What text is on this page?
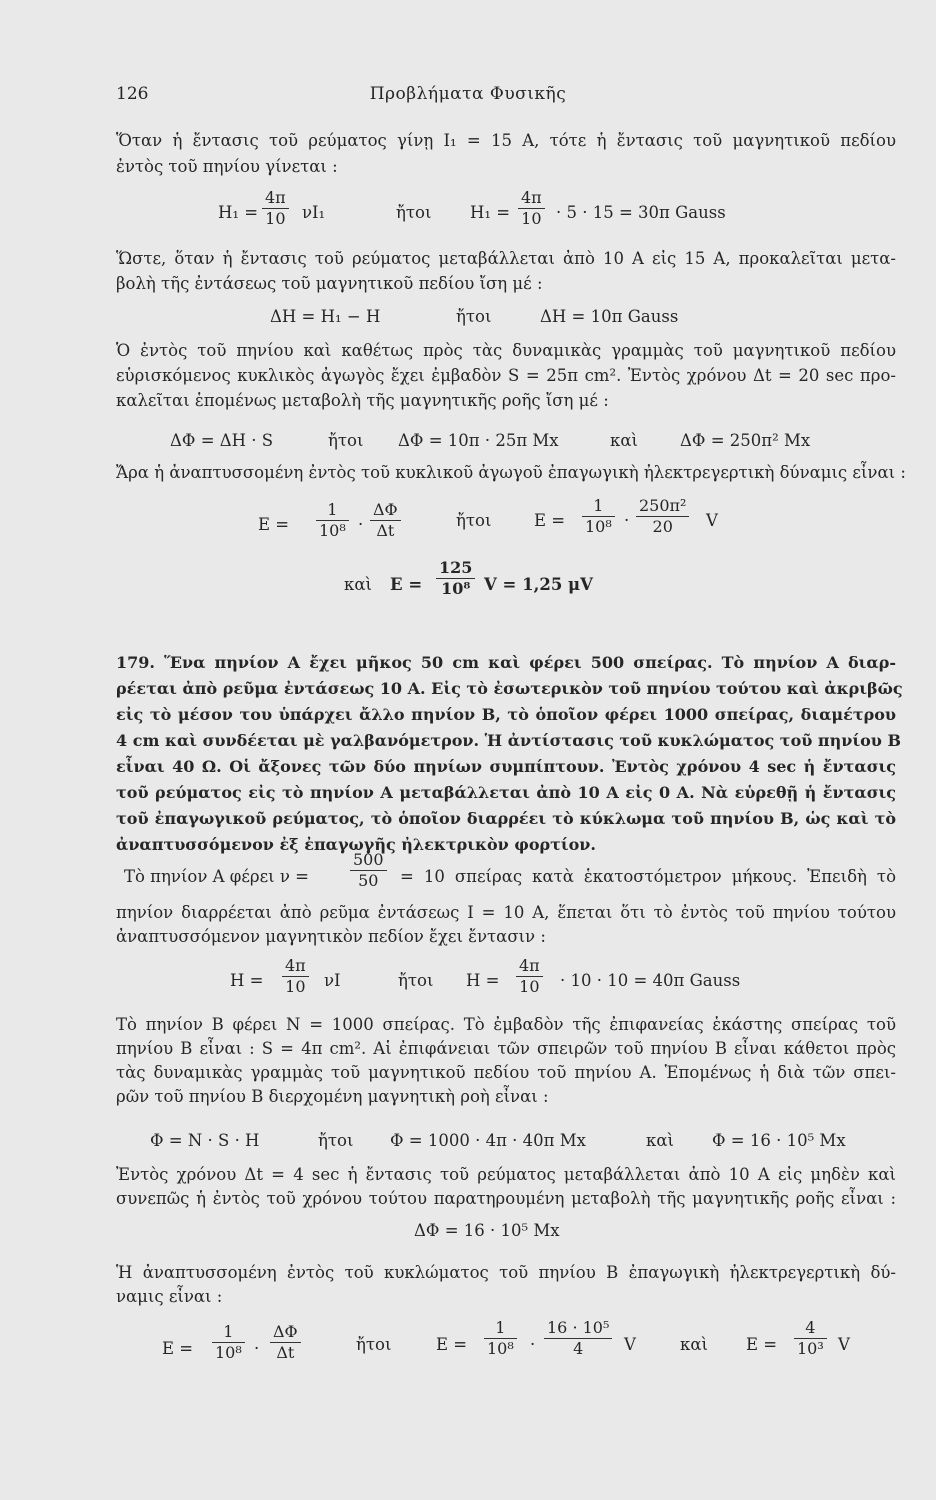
126	Προβλήματα Φυσικῆς
Ὅταν ἡ ἔντασις τοῦ ρεύματος γίνῃ I₁ = 15 A, τότε ἡ ἔντασις τοῦ μαγνητικοῦ πεδίου
ἐντὸς τοῦ πηνίου γίνεται :
$H_1 = \frac{4\pi}{10} \nu I_1$	ἤτοι $H_1 = \frac{4\pi}{10} \cdot 5 \cdot 15 = 30\pi$ Gauss
Ὥστε, ὅταν ἡ ἔντασις τοῦ ρεύματος μεταβάλλεται ἀπὸ 10 A εἰς 15 A, προκαλεῖται μετα-
βολὴ τῆς ἐντάσεως τοῦ μαγνητικοῦ πεδίου ἴση μέ :
ΔH = H₁ − H	ἤτοι	ΔH = 10π Gauss
Ὁ ἐντὸς τοῦ πηνίου καὶ καθέτως πρὸς τὰς δυναμικὰς γραμμὰς τοῦ μαγνητικοῦ πεδίου
εὑρισκόμενος κυκλικὸς ἀγωγὸς ἔχει ἐμβαδὸν S = 25π cm². Ἐντὸς χρόνου Δt = 20 sec προ-
καλεῖται ἑπομένως μεταβολὴ τῆς μαγνητικῆς ροῆς ἴση μέ :
ΔΦ = ΔH · S	ἤτοι ΔΦ = 10π · 25π Mx	καὶ	ΔΦ = 250π² Mx
Ἄρα ἡ ἀναπτυσσομένη ἐντὸς τοῦ κυκλικοῦ ἀγωγοῦ ἐπαγωγικὴ ἠλεκτρεγερτικὴ δύναμις εἶναι :
$E = \frac{1}{\text{10⁸}} \cdot \frac{\Delta\Phi}{\Delta t}$	ἤτοι	$E = \frac{1}{\text{10⁸}} \cdot \frac{\text{250π²}}{20}$ V
καὶ $E = \frac{125}{\text{10⁸}}$ V = 1,25 μV
179. Ἕνα πηνίον A ἔχει μῆκος 50 cm καὶ φέρει 500 σπείρας. Τὸ πηνίον A διαρ-
ρέεται ἀπὸ ρεῦμα ἐντάσεως 10 A. Εἰς τὸ ἐσωτερικὸν τοῦ πηνίου τούτου καὶ ἀκριβῶς
εἰς τὸ μέσον του ὑπάρχει ἄλλο πηνίον B, τὸ ὁποῖον φέρει 1000 σπείρας, διαμέτρου
4 cm καὶ συνδέεται μὲ γαλβανόμετρον. Ἡ ἀντίστασις τοῦ κυκλώματος τοῦ πηνίου B
εἶναι 40 Ω. Οἱ ἄξονες τῶν δύο πηνίων συμπίπτουν. Ἐντὸς χρόνου 4 sec ἡ ἔντασις
τοῦ ρεύματος εἰς τὸ πηνίον A μεταβάλλεται ἀπὸ 10 A εἰς 0 A. Νὰ εὑρεθῇ ἡ ἔντασις
τοῦ ἐπαγωγικοῦ ρεύματος, τὸ ὁποῖον διαρρέει τὸ κύκλωμα τοῦ πηνίου B, ὡς καὶ τὸ
ἀναπτυσσόμενον ἐξ ἐπαγωγῆς ἠλεκτρικὸν φορτίον.
Τὸ πηνίον A φέρει ν =	$\frac{500}{50} = 10$ σπείρας κατὰ ἑκατοστόμετρον μήκους. Ἐπειδὴ τὸ
πηνίον διαρρέεται ἀπὸ ρεῦμα ἐντάσεως I = 10 A, ἕπεται ὅτι τὸ ἐντὸς τοῦ πηνίου τούτου
ἀναπτυσσόμενον μαγνητικὸν πεδίον ἔχει ἔντασιν :
$H = \frac{4\pi}{10}$ νI	ἤτοι $H = \frac{4\pi}{10} \cdot 10 \cdot 10 = 40\pi$ Gauss
Τὸ πηνίον B φέρει N = 1000 σπείρας. Τὸ ἐμβαδὸν τῆς ἐπιφανείας ἑκάστης σπείρας τοῦ
πηνίου B εἶναι : S = 4π cm². Αἱ ἐπιφάνειαι τῶν σπειρῶν τοῦ πηνίου B εἶναι κάθετοι πρὸς
τὰς δυναμικὰς γραμμὰς τοῦ μαγνητικοῦ πεδίου τοῦ πηνίου A. Ἑπομένως ἡ διὰ τῶν σπει-
ρῶν τοῦ πηνίου B διερχομένη μαγνητικὴ ροὴ εἶναι :
Φ = N · S · H	ἤτοι Φ = 1000 · 4π · 40π Mx	καὶ Φ = 16 · 10⁵ Mx
Ἐντὸς χρόνου Δt = 4 sec ἡ ἔντασις τοῦ ρεύματος μεταβάλλεται ἀπὸ 10 A εἰς μηδὲν καὶ
συνεπῶς ἡ ἐντὸς τοῦ χρόνου τούτου παρατηρουμένη μεταβολὴ τῆς μαγνητικῆς ροῆς εἶναι :
ΔΦ = 16 · 10⁵ Mx
Ἡ ἀναπτυσσομένη ἐντὸς τοῦ κυκλώματος τοῦ πηνίου B ἐπαγωγικὴ ἠλεκτρεγερτικὴ δύ-
ναμις εἶναι :
$E = \frac{1}{\text{10⁸}} \cdot \frac{\Delta\Phi}{\Delta t}$	ἤτοι	$E = \frac{1}{\text{10⁸}} \cdot \frac{\text{16 · 10⁵}}{4}$ V	καὶ $E = \frac{4}{\text{10³}}$ V
